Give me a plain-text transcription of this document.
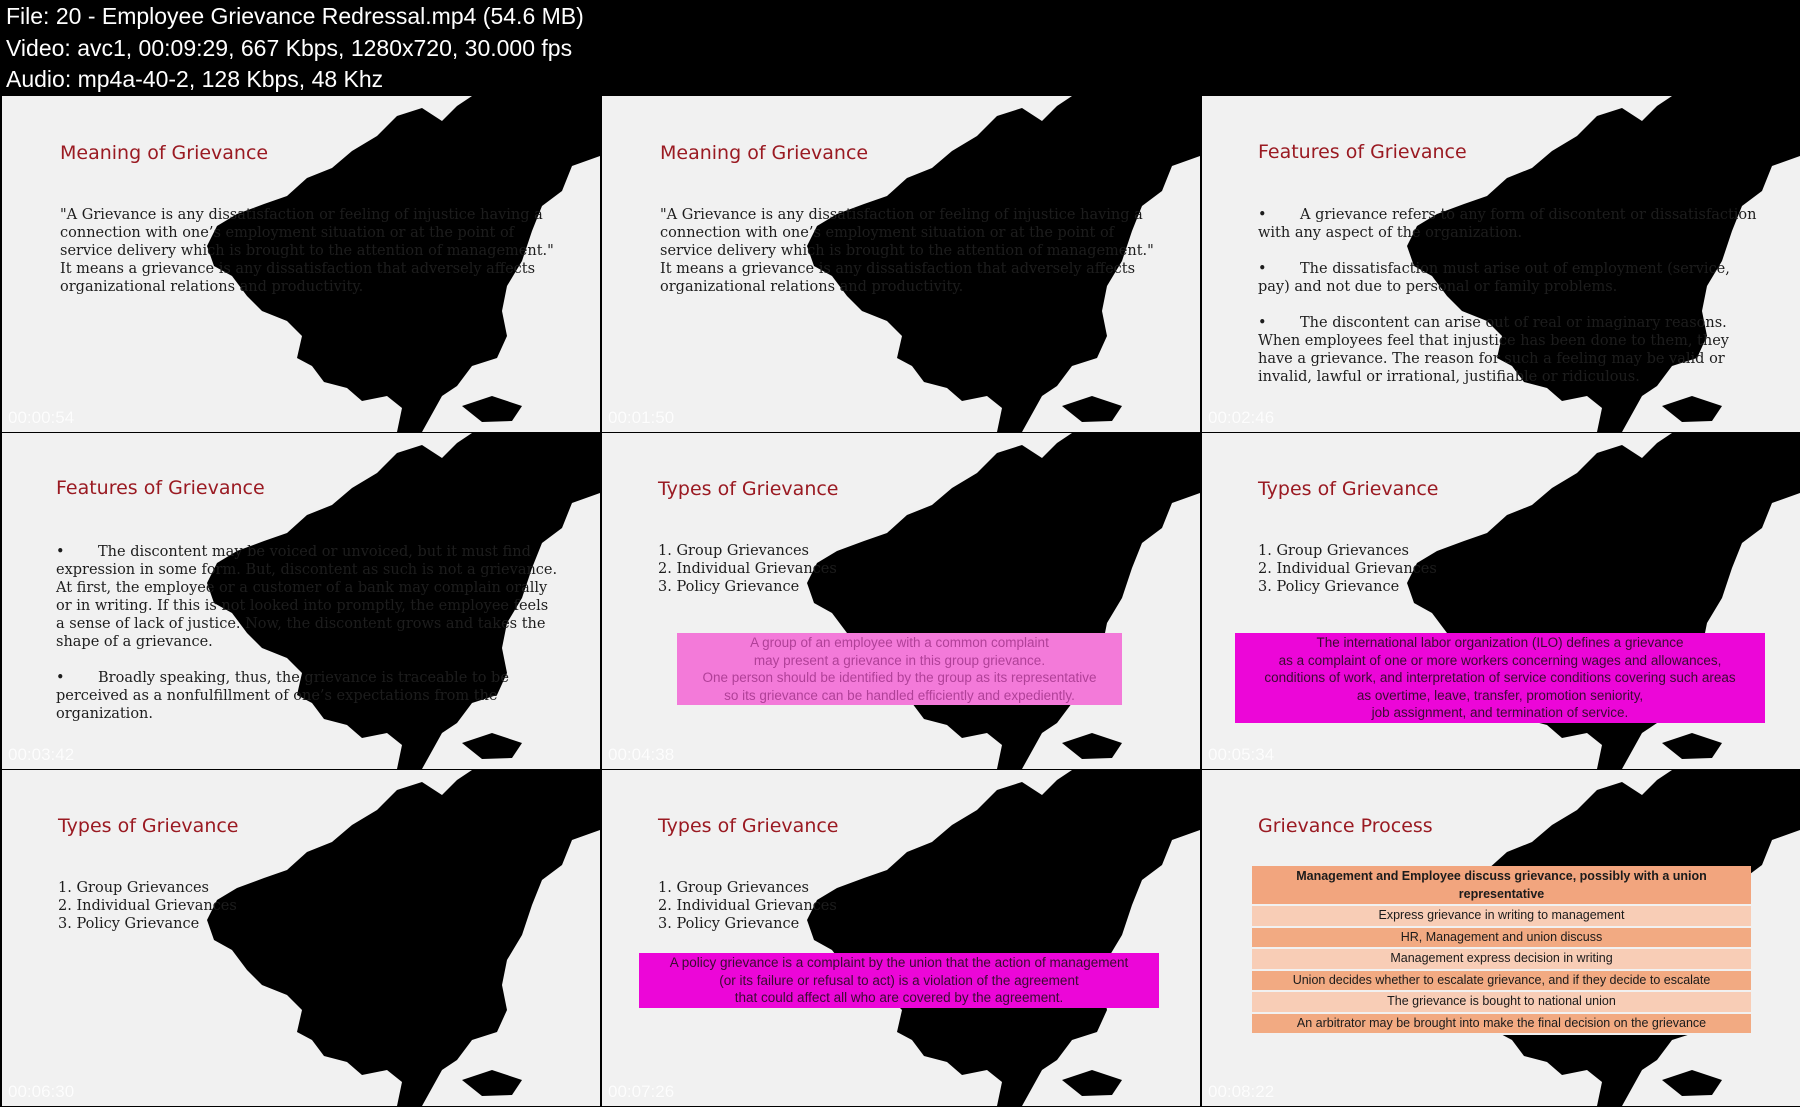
File: 20 - Employee Grievance Redressal.mp4 (54.6 MB)
Video: avc1, 00:09:29, 667 Kbps, 1280x720, 30.000 fps
Audio: mp4a-40-2, 128 Kbps, 48 Khz
Meaning of Grievance

"A Grievance is any dissatisfaction or feeling of injustice having a

connection with one’s employment situation or at the point of

service delivery which is brought to the attention of management."

It means a grievance is any dissatisfaction that adversely affects

organizational relations and productivity.

00:00:54
Meaning of Grievance

"A Grievance is any dissatisfaction or feeling of injustice having a

connection with one’s employment situation or at the point of

service delivery which is brought to the attention of management."

It means a grievance is any dissatisfaction that adversely affects

organizational relations and productivity.

00:01:50
Features of Grievance

• A grievance refers to any form of discontent or dissatisfaction
with any aspect of the organization.

• The dissatisfaction must arise out of employment (service,
pay) and not due to personal or family problems.

• The discontent can arise out of real or imaginary reasons.
When employees feel that injustice has been done to them, they
have a grievance. The reason for such a feeling may be valid or
invalid, lawful or irrational, justifiable or ridiculous.

00:02:46
Features of Grievance

• The discontent may be voiced or unvoiced, but it must find
expression in some form. But, discontent as such is not a grievance.
At first, the employee or a customer of a bank may complain orally
or in writing. If this is not looked into promptly, the employee feels
a sense of lack of justice. Now, the discontent grows and takes the
shape of a grievance.

• Broadly speaking, thus, the grievance is traceable to be
perceived as a nonfulfillment of one’s expectations from the
organization.

00:03:42
Types of Grievance
1. Group Grievances
2. Individual Grievances
3. Policy Grievance
A group of an employee with a common complaint
may present a grievance in this group grievance.
One person should be identified by the group as its representative
so its grievance can be handled efficiently and expediently.
00:04:38
Types of Grievance
1. Group Grievances
2. Individual Grievances
3. Policy Grievance
The international labor organization (ILO) defines a grievance
as a complaint of one or more workers concerning wages and allowances,
conditions of work, and interpretation of service conditions covering such areas
as overtime, leave, transfer, promotion seniority,
job assignment, and termination of service.
00:05:34
Types of Grievance
1. Group Grievances
2. Individual Grievances
3. Policy Grievance
00:06:30
Types of Grievance
1. Group Grievances
2. Individual Grievances
3. Policy Grievance
A policy grievance is a complaint by the union that the action of management
(or its failure or refusal to act) is a violation of the agreement
that could affect all who are covered by the agreement.
00:07:26
Grievance Process
Management and Employee discuss grievance, possibly with a union
representative
Express grievance in writing to management
HR, Management and union discuss
Management express decision in writing
Union decides whether to escalate grievance, and if they decide to escalate
The grievance is bought to national union
An arbitrator may be brought into make the final decision on the grievance
00:08:22
